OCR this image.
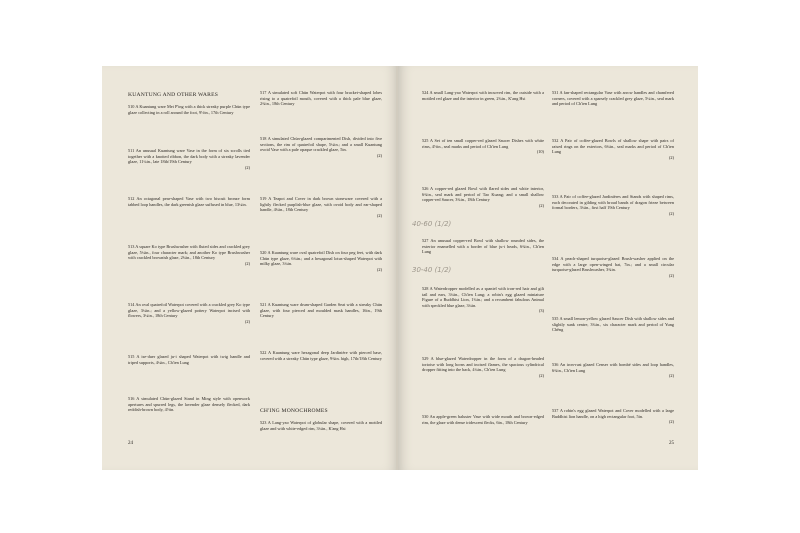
KUANTUNG AND OTHER WARES
510 A Kuantung ware Mei P'ing with a thick streaky purple Chün type glaze collecting in a roll around the foot, 9½in., 17th Century
511 An unusual Kuantung ware Vase in the form of six scrolls tied together with a knotted ribbon, the dark body with a streaky lavender glaze, 11¼in., late 18th/19th Century
(2)
512 An octagonal pear-shaped Vase with two biscuit bronze form tabbed loop handles, the dark greenish glaze suffused in blue, 13¼in.
513 A square Ko type Brushwasher with fluted sides and crackled grey glaze, 5¼in., four character mark; and another Ko type Brushwasher with crackled brownish glaze, 2¾in., 18th Century
(2)
514 An oval quatrefoil Waterpot covered with a crackled grey Ko type glaze, 3¼in.; and a yellow-glazed pottery Waterpot incised with flowers, 3¼in., 18th Century
(2)
515 A ise-duer glazed ju-i shaped Waterpot with twig handle and triped supports, 4¼in., Ch'ien Lung
516 A simulated Chün-glazed Stand in Ming style with openwork apertures and spurred legs, the lavender glaze densely flecked, dark reddish-brown body, 4½in.
517 A simulated soft Chün Waterpot with four bracket-shaped lobes rising to a quatrefoil mouth, covered with a thick pale blue glaze, 2¾in., 18th Century
518 A simulated Chün-glazed compartmented Dish, divided into five sections, the rim of quatrefoil shape, 5¼in.; and a small Kuantung ovoid Vase with a pale opaque crackled glaze, 5in.
(2)
519 A Teapot and Cover in dark brown stoneware covered with a lightly flecked purplish-blue glaze, with ovoid body and ear-shaped handle, 4¾in., 18th Century
(2)
520 A Kuantung ware oval quatrefoil Dish on four peg feet, with dark Chün type glaze, 6¼in.; and a hexagonal lotus-shaped Waterpot with milky glaze, 3¼in.
(2)
521 A Kuantung ware drum-shaped Garden Seat with a streaky Chün glaze, with four pierced and moulded mask handles, 16in., 19th Century
522 A Kuantung ware hexagonal deep Jardinière with pierced base, covered with a streaky Chün type glaze, 9¾in. high, 17th/18th Century
CH'ING MONOCHROMES
523 A Lang-yao Waterpot of globular shape, covered with a mottled glaze and with white-edged rim, 3¼in., K'ang Hsi
24
524 A small Lang-yao Waterpot with incurved rim, the outside with a mottled red glaze and the interior in green, 2¾in., K'ang Hsi
525 A Set of ten small copper-red glazed Saucer Dishes with white rims, 4½in., seal marks and period of Ch'ien Lung
(10)
526 A copper-red glazed Bowl with flared sides and white interior, 6¾in., seal mark and period of Tao Kuang; and a small shallow copper-red Saucer, 3¾in., 18th Century
(2)
527 An unusual copper-red Bowl with shallow rounded sides, the exterior enamelled with a border of blue ju-i heads, 6¾in., Ch'ien Lung
528 A Waterdropper modelled as a spaniel with iron-red hair and gilt tail and ears, 3¼in., Ch'ien Lung; a robin's egg glazed miniature Figure of a Buddhist Lion, 1¾in.; and a recumbent fabulous Animal with speckled blue glaze, 3¼in.
(3)
529 A blue-glazed Waterdropper in the form of a dragon-headed tortoise with long horns and incised flames, the spacious cylindrical dropper fitting into the back, 4¼in., Ch'ien Lung
(2)
530 An apple-green baluster Vase with wide mouth and brown-edged rim, the glaze with dense iridescent flecks, 6in., 18th Century
40-60 (1/2)
30-40 (1/2)
531 A fan-shaped rectangular Vase with arrow handles and chamfered corners, covered with a sparsely crackled grey glaze, 5¼in., seal mark and period of Ch'ien Lung
532 A Pair of coffee-glazed Bowls of shallow shape with pairs of raised rings on the exteriors, 6¾in., seal marks and period of Ch'ien Lung
(2)
533 A Pair of coffee-glazed Jardinières and Stands with shaped rims, each decorated in gilding with broad bands of dragon frieze between formal borders, 3¼in., first half 19th Century
(2)
534 A peach-shaped turquoise-glazed Brush-washer applied on the edge with a large open-winged bat, 7in.; and a small circular turquoise-glazed Brushwasher, 3¾in.
(2)
535 A small lemon-yellow glazed Saucer Dish with shallow sides and slightly sunk centre, 3¾in., six character mark and period of Yung Chêng
536 An iron-rust glazed Censer with bombé sides and loop handles, 6¾in., Ch'ien Lung
(2)
537 A robin's egg glazed Waterpot and Cover modelled with a large Buddhist lion handle, on a high rectangular foot, 5in.
(2)
25
